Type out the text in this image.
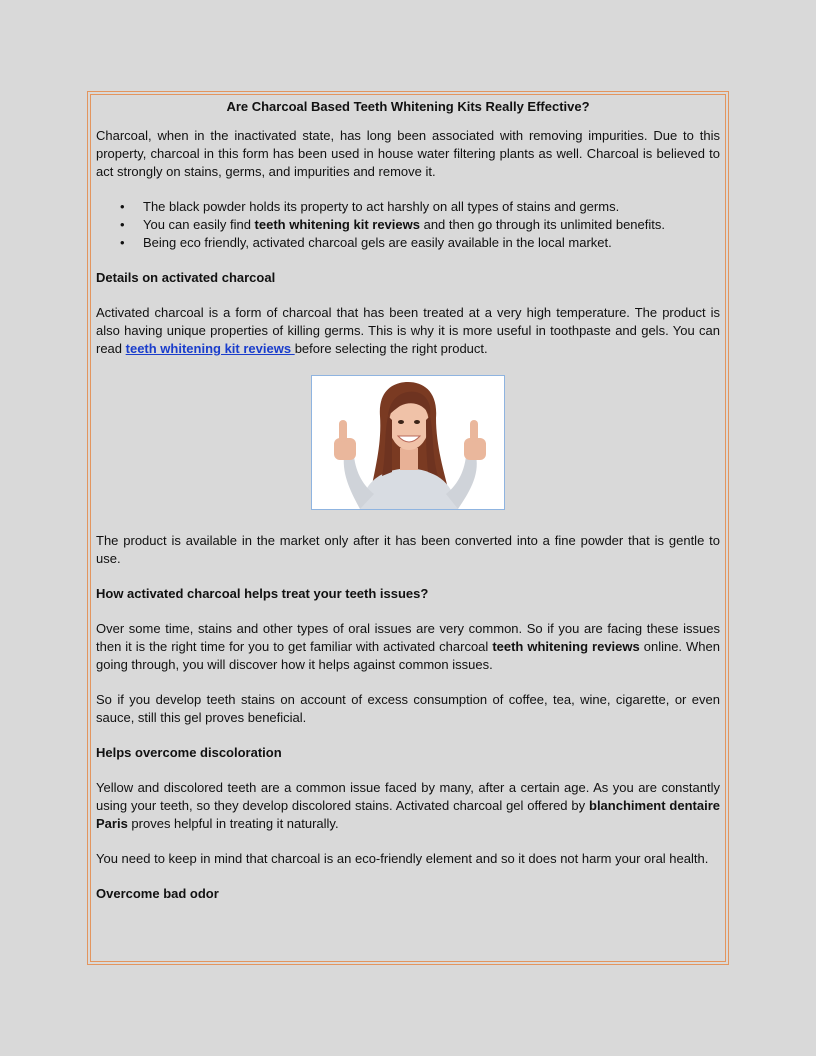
Are Charcoal Based Teeth Whitening Kits Really Effective?

Charcoal, when in the inactivated state, has long been associated with removing impurities. Due to this property, charcoal in this form has been used in house water filtering plants as well. Charcoal is believed to act strongly on stains, germs, and impurities and remove it.

• The black powder holds its property to act harshly on all types of stains and germs.
• You can easily find teeth whitening kit reviews and then go through its unlimited benefits.
• Being eco friendly, activated charcoal gels are easily available in the local market.
Details on activated charcoal

Activated charcoal is a form of charcoal that has been treated at a very high temperature. The product is also having unique properties of killing germs. This is why it is more useful in toothpaste and gels. You can read teeth whitening kit reviews before selecting the right product.

The product is available in the market only after it has been converted into a fine powder that is gentle to use.

How activated charcoal helps treat your teeth issues?

Over some time, stains and other types of oral issues are very common. So if you are facing these issues then it is the right time for you to get familiar with activated charcoal teeth whitening reviews online. When going through, you will discover how it helps against common issues.

So if you develop teeth stains on account of excess consumption of coffee, tea, wine, cigarette, or even sauce, still this gel proves beneficial.

Helps overcome discoloration

Yellow and discolored teeth are a common issue faced by many, after a certain age. As you are constantly using your teeth, so they develop discolored stains. Activated charcoal gel offered by blanchiment dentaire Paris proves helpful in treating it naturally.

You need to keep in mind that charcoal is an eco-friendly element and so it does not harm your oral health.

Overcome bad odor
